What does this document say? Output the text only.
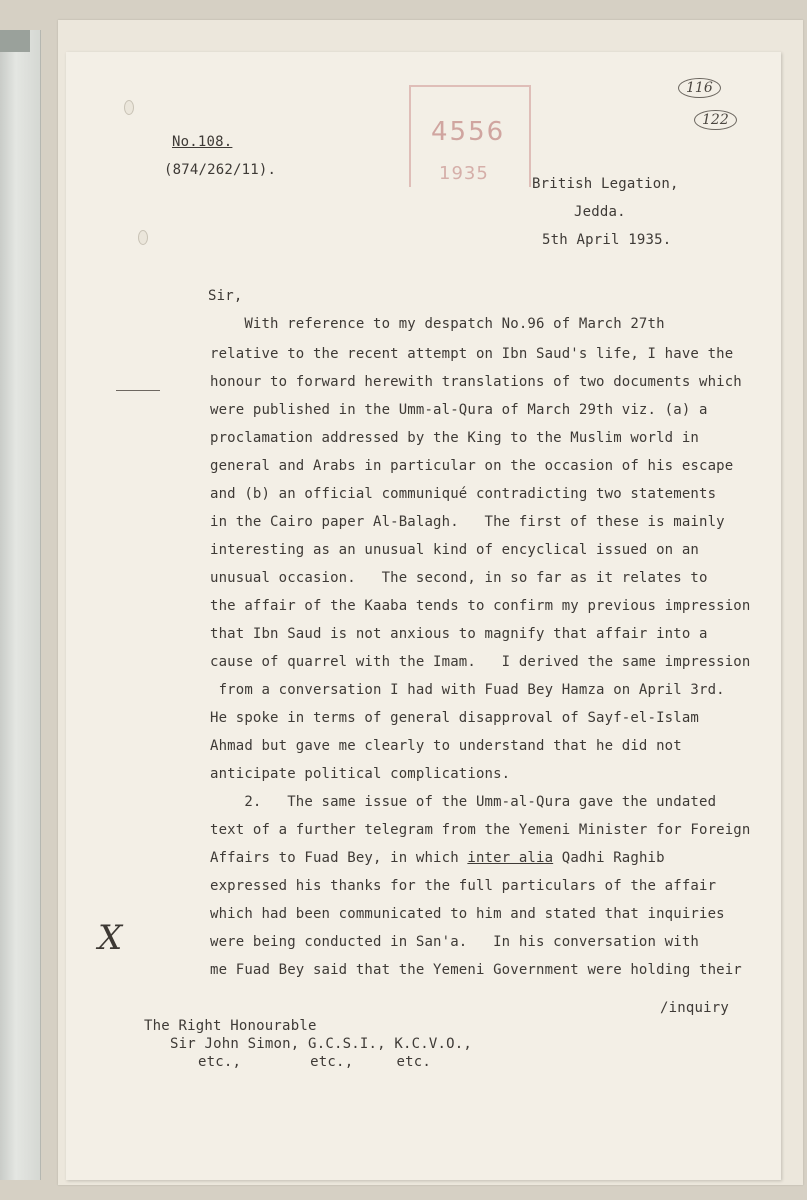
4556
1935
116
122
No.108.
(874/262/11).
British Legation,
Jedda.
5th April 1935.
Sir,
With reference to my despatch No.96 of March 27th
relative to the recent attempt on Ibn Saud's life, I have the
honour to forward herewith translations of two documents which
were published in the Umm-al-Qura of March 29th viz. (a) a
proclamation addressed by the King to the Muslim world in
general and Arabs in particular on the occasion of his escape
and (b) an official communiqué contradicting two statements
in the Cairo paper Al-Balagh.   The first of these is mainly
interesting as an unusual kind of encyclical issued on an
unusual occasion.   The second, in so far as it relates to
the affair of the Kaaba tends to confirm my previous impression
that Ibn Saud is not anxious to magnify that affair into a
cause of quarrel with the Imam.   I derived the same impression
from a conversation I had with Fuad Bey Hamza on April 3rd.
He spoke in terms of general disapproval of Sayf-el-Islam
Ahmad but gave me clearly to understand that he did not
anticipate political complications.
2.   The same issue of the Umm-al-Qura gave the undated
text of a further telegram from the Yemeni Minister for Foreign
Affairs to Fuad Bey, in which inter alia Qadhi Raghib
expressed his thanks for the full particulars of the affair
which had been communicated to him and stated that inquiries
were being conducted in San'a.   In his conversation with
me Fuad Bey said that the Yemeni Government were holding their
/inquiry
The Right Honourable
Sir John Simon, G.C.S.I., K.C.V.O.,
etc.,        etc.,     etc.
X
